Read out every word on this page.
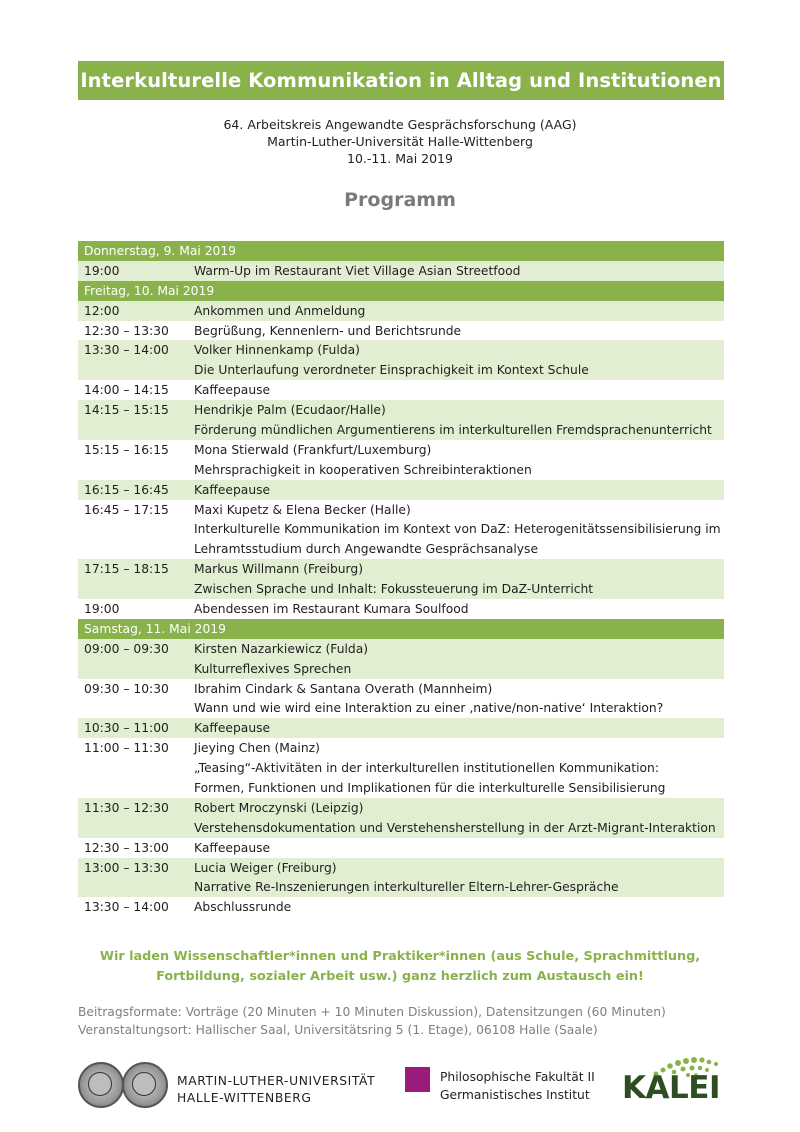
Interkulturelle Kommunikation in Alltag und Institutionen
64. Arbeitskreis Angewandte Gesprächsforschung (AAG)
Martin-Luther-Universität Halle-Wittenberg
10.-11. Mai 2019
Programm
Donnerstag, 9. Mai 2019
19:00	Warm-Up im Restaurant Viet Village Asian Streetfood
Freitag, 10. Mai 2019
12:00	Ankommen und Anmeldung
12:30 – 13:30	Begrüßung, Kennenlern- und Berichtsrunde
13:30 – 14:00	Volker Hinnenkamp (Fulda)
Die Unterlaufung verordneter Einsprachigkeit im Kontext Schule
14:00 – 14:15	Kaffeepause
14:15 – 15:15	Hendrikje Palm (Ecudaor/Halle)
Förderung mündlichen Argumentierens im interkulturellen Fremdsprachenunterricht
15:15 – 16:15	Mona Stierwald (Frankfurt/Luxemburg)
Mehrsprachigkeit in kooperativen Schreibinteraktionen
16:15 – 16:45	Kaffeepause
16:45 – 17:15	Maxi Kupetz & Elena Becker (Halle)
Interkulturelle Kommunikation im Kontext von DaZ: Heterogenitätssensibilisierung im
Lehramtsstudium durch Angewandte Gesprächsanalyse
17:15 – 18:15	Markus Willmann (Freiburg)
Zwischen Sprache und Inhalt: Fokussteuerung im DaZ-Unterricht
19:00	Abendessen im Restaurant Kumara Soulfood
Samstag, 11. Mai 2019
09:00 – 09:30	Kirsten Nazarkiewicz (Fulda)
Kulturreflexives Sprechen
09:30 – 10:30	Ibrahim Cindark & Santana Overath (Mannheim)
Wann und wie wird eine Interaktion zu einer ‚native/non-native‘ Interaktion?
10:30 – 11:00	Kaffeepause
11:00 – 11:30	Jieying Chen (Mainz)
„Teasing“-Aktivitäten in der interkulturellen institutionellen Kommunikation:
Formen, Funktionen und Implikationen für die interkulturelle Sensibilisierung
11:30 – 12:30	Robert Mroczynski (Leipzig)
Verstehensdokumentation und Verstehensherstellung in der Arzt-Migrant-Interaktion
12:30 – 13:00	Kaffeepause
13:00 – 13:30	Lucia Weiger (Freiburg)
Narrative Re-Inszenierungen interkultureller Eltern-Lehrer-Gespräche
13:30 – 14:00	Abschlussrunde
Wir laden Wissenschaftler*innen und Praktiker*innen (aus Schule, Sprachmittlung,
Fortbildung, sozialer Arbeit usw.) ganz herzlich zum Austausch ein!
Beitragsformate: Vorträge (20 Minuten + 10 Minuten Diskussion), Datensitzungen (60 Minuten)
Veranstaltungsort: Hallischer Saal, Universitätsring 5 (1. Etage), 06108 Halle (Saale)
MARTIN-LUTHER-UNIVERSITÄT
HALLE-WITTENBERG
Philosophische Fakultät II
Germanistisches Institut KALEI
